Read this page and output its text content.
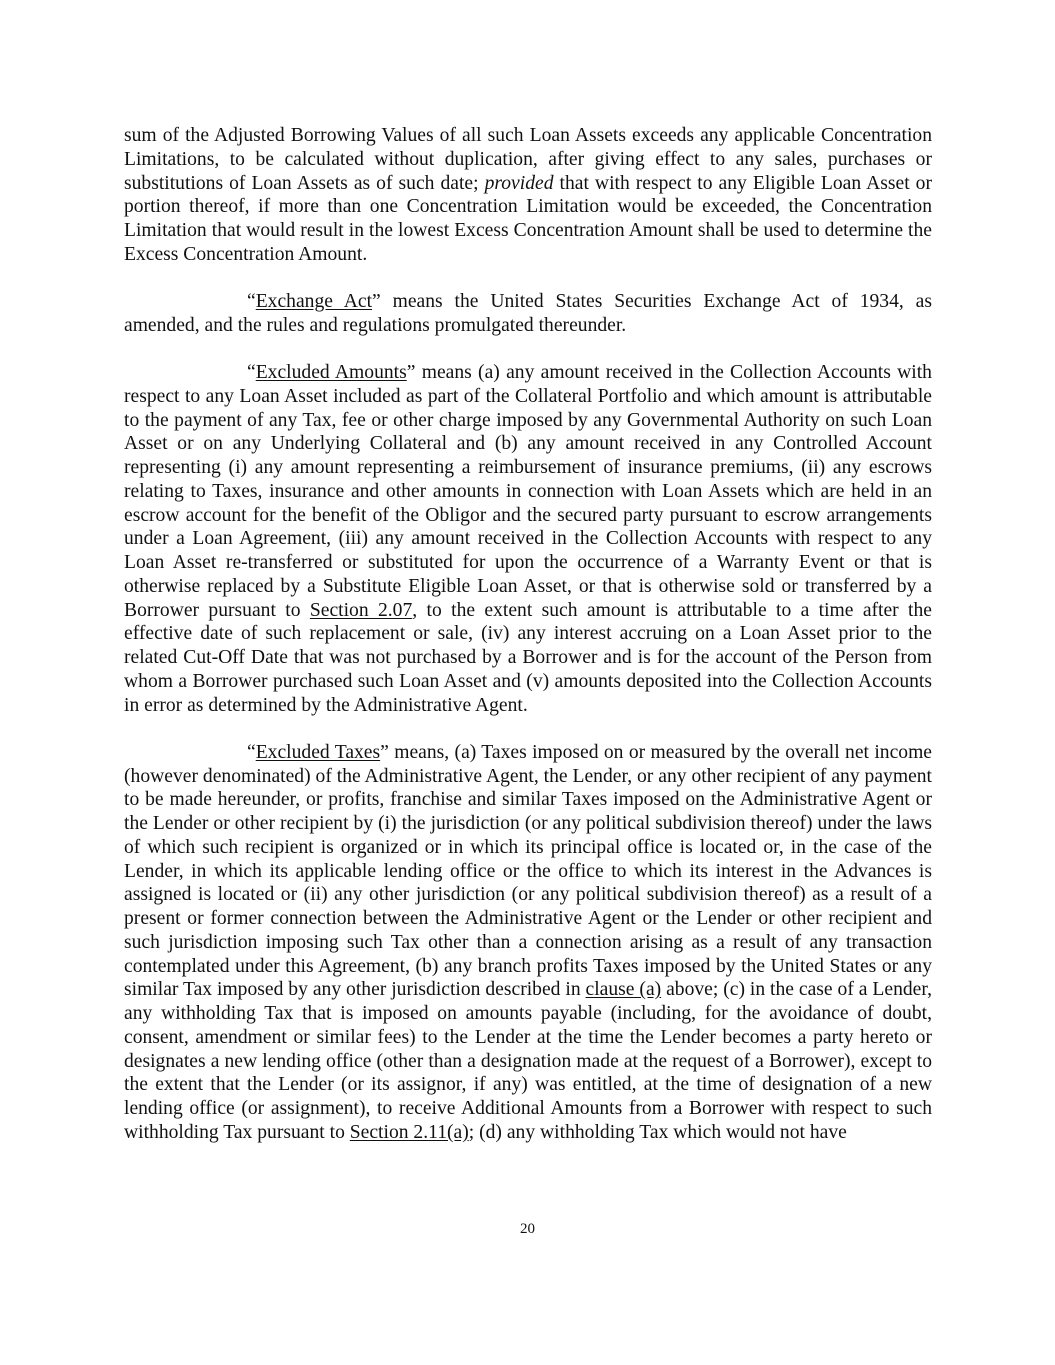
sum of the Adjusted Borrowing Values of all such Loan Assets exceeds any applicable Concentration Limitations, to be calculated without duplication, after giving effect to any sales, purchases or substitutions of Loan Assets as of such date; provided that with respect to any Eligible Loan Asset or portion thereof, if more than one Concentration Limitation would be exceeded, the Concentration Limitation that would result in the lowest Excess Concentration Amount shall be used to determine the Excess Concentration Amount.

“Exchange Act” means the United States Securities Exchange Act of 1934, as amended, and the rules and regulations promulgated thereunder.

“Excluded Amounts” means (a) any amount received in the Collection Accounts with respect to any Loan Asset included as part of the Collateral Portfolio and which amount is attributable to the payment of any Tax, fee or other charge imposed by any Governmental Authority on such Loan Asset or on any Underlying Collateral and (b) any amount received in any Controlled Account representing (i) any amount representing a reimbursement of insurance premiums, (ii) any escrows relating to Taxes, insurance and other amounts in connection with Loan Assets which are held in an escrow account for the benefit of the Obligor and the secured party pursuant to escrow arrangements under a Loan Agreement, (iii) any amount received in the Collection Accounts with respect to any Loan Asset re-transferred or substituted for upon the occurrence of a Warranty Event or that is otherwise replaced by a Substitute Eligible Loan Asset, or that is otherwise sold or transferred by a Borrower pursuant to Section 2.07, to the extent such amount is attributable to a time after the effective date of such replacement or sale, (iv) any interest accruing on a Loan Asset prior to the related Cut-Off Date that was not purchased by a Borrower and is for the account of the Person from whom a Borrower purchased such Loan Asset and (v) amounts deposited into the Collection Accounts in error as determined by the Administrative Agent.

“Excluded Taxes” means, (a) Taxes imposed on or measured by the overall net income (however denominated) of the Administrative Agent, the Lender, or any other recipient of any payment to be made hereunder, or profits, franchise and similar Taxes imposed on the Administrative Agent or the Lender or other recipient by (i) the jurisdiction (or any political subdivision thereof) under the laws of which such recipient is organized or in which its principal office is located or, in the case of the Lender, in which its applicable lending office or the office to which its interest in the Advances is assigned is located or (ii) any other jurisdiction (or any political subdivision thereof) as a result of a present or former connection between the Administrative Agent or the Lender or other recipient and such jurisdiction imposing such Tax other than a connection arising as a result of any transaction contemplated under this Agreement, (b) any branch profits Taxes imposed by the United States or any similar Tax imposed by any other jurisdiction described in clause (a) above; (c) in the case of a Lender, any withholding Tax that is imposed on amounts payable (including, for the avoidance of doubt, consent, amendment or similar fees) to the Lender at the time the Lender becomes a party hereto or designates a new lending office (other than a designation made at the request of a Borrower), except to the extent that the Lender (or its assignor, if any) was entitled, at the time of designation of a new lending office (or assignment), to receive Additional Amounts from a Borrower with respect to such withholding Tax pursuant to Section 2.11(a); (d) any withholding Tax which would not have

20
